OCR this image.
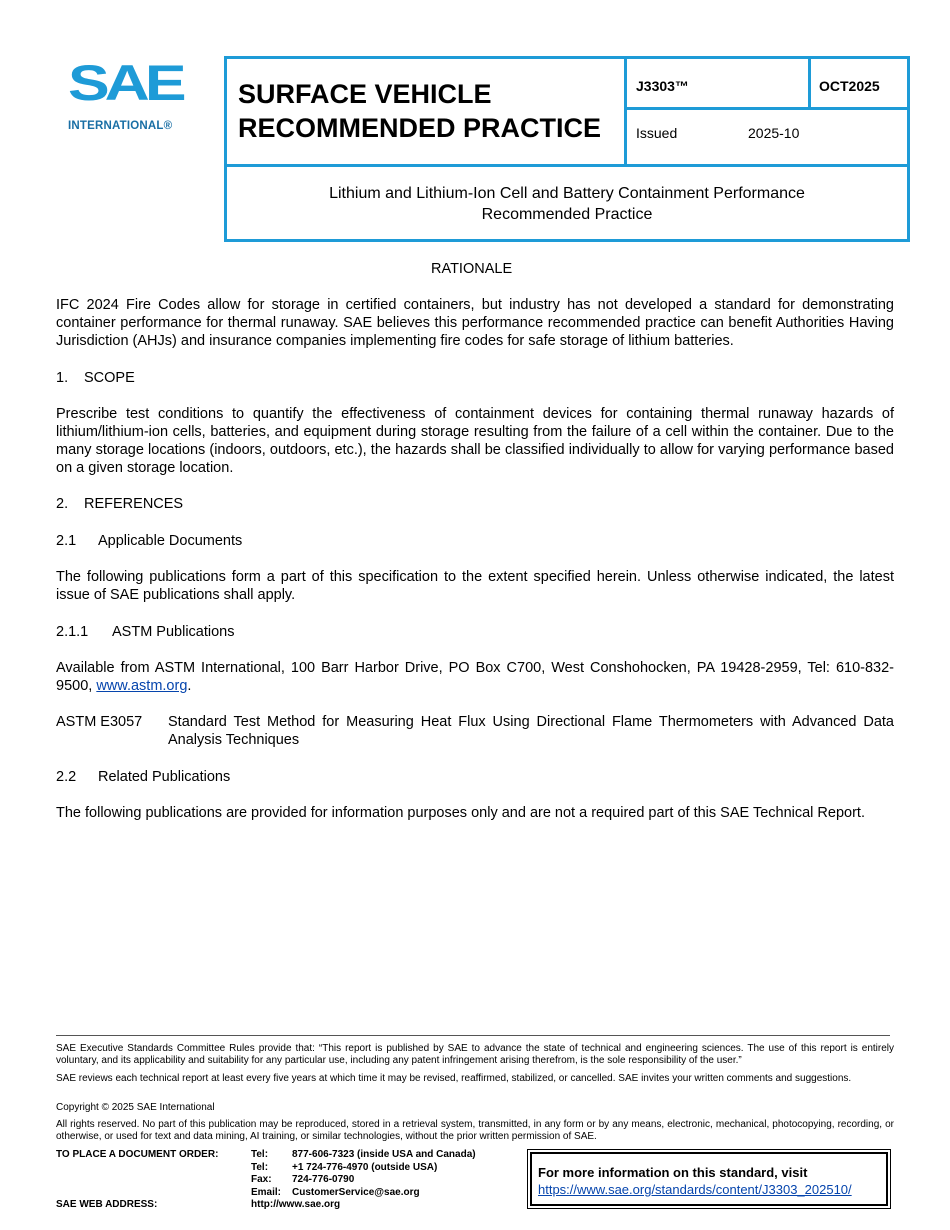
SAE
INTERNATIONAL®
SURFACE VEHICLE
RECOMMENDED PRACTICE
J3303™	OCT2025
Issued	2025-10
Lithium and Lithium-Ion Cell and Battery Containment Performance
Recommended Practice
RATIONALE
IFC 2024 Fire Codes allow for storage in certified containers, but industry has not developed a standard for demonstrating container performance for thermal runaway. SAE believes this performance recommended practice can benefit Authorities Having Jurisdiction (AHJs) and insurance companies implementing fire codes for safe storage of lithium batteries.
1. SCOPE
Prescribe test conditions to quantify the effectiveness of containment devices for containing thermal runaway hazards of lithium/lithium-ion cells, batteries, and equipment during storage resulting from the failure of a cell within the container. Due to the many storage locations (indoors, outdoors, etc.), the hazards shall be classified individually to allow for varying performance based on a given storage location.
2. REFERENCES
2.1 Applicable Documents
The following publications form a part of this specification to the extent specified herein. Unless otherwise indicated, the latest issue of SAE publications shall apply.
2.1.1 ASTM Publications
Available from ASTM International, 100 Barr Harbor Drive, PO Box C700, West Conshohocken, PA 19428-2959, Tel: 610-832-9500, www.astm.org.
ASTM E3057 Standard Test Method for Measuring Heat Flux Using Directional Flame Thermometers with Advanced Data Analysis Techniques
2.2 Related Publications
The following publications are provided for information purposes only and are not a required part of this SAE Technical Report.
SAE Executive Standards Committee Rules provide that: “This report is published by SAE to advance the state of technical and engineering sciences. The use of this report is entirely voluntary, and its applicability and suitability for any particular use, including any patent infringement arising therefrom, is the sole responsibility of the user.”
SAE reviews each technical report at least every five years at which time it may be revised, reaffirmed, stabilized, or cancelled. SAE invites your written comments and suggestions.
Copyright © 2025 SAE International
All rights reserved. No part of this publication may be reproduced, stored in a retrieval system, transmitted, in any form or by any means, electronic, mechanical, photocopying, recording, or otherwise, or used for text and data mining, AI training, or similar technologies, without the prior written permission of SAE.
TO PLACE A DOCUMENT ORDER:
SAE WEB ADDRESS:
Tel: 877-606-7323 (inside USA and Canada)
Tel: +1 724-776-4970 (outside USA)
Fax: 724-776-0790
Email: CustomerService@sae.org
http://www.sae.org
For more information on this standard, visit
https://www.sae.org/standards/content/J3303_202510/
